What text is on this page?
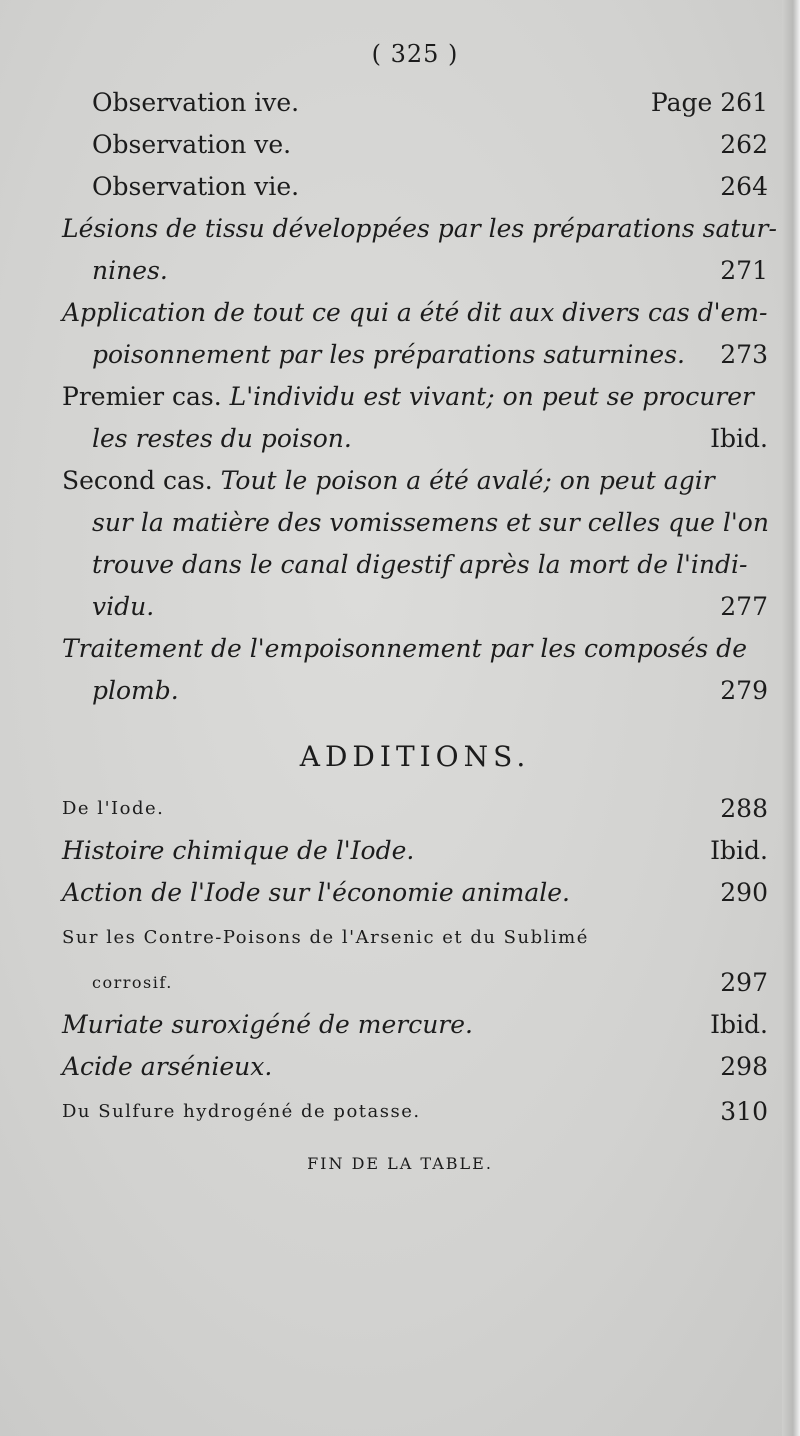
( 325 )
Observation ive.	Page 261
Observation ve.	262
Observation vie.	264
Lésions de tissu développées par les préparations satur-
nines.	271
Application de tout ce qui a été dit aux divers cas d'em-
poisonnement par les préparations saturnines.	273
Premier cas. L'individu est vivant; on peut se procurer
les restes du poison.	Ibid.
Second cas. Tout le poison a été avalé; on peut agir
sur la matière des vomissemens et sur celles que l'on
trouve dans le canal digestif après la mort de l'indi-
vidu.	277
Traitement de l'empoisonnement par les composés de
plomb.	279
ADDITIONS.
De l'Iode.	288
Histoire chimique de l'Iode.	Ibid.
Action de l'Iode sur l'économie animale.	290
Sur les Contre-Poisons de l'Arsenic et du Sublimé
corrosif.	297
Muriate suroxigéné de mercure.	Ibid.
Acide arsénieux.	298
Du Sulfure hydrogéné de potasse.	310
FIN DE LA TABLE.
